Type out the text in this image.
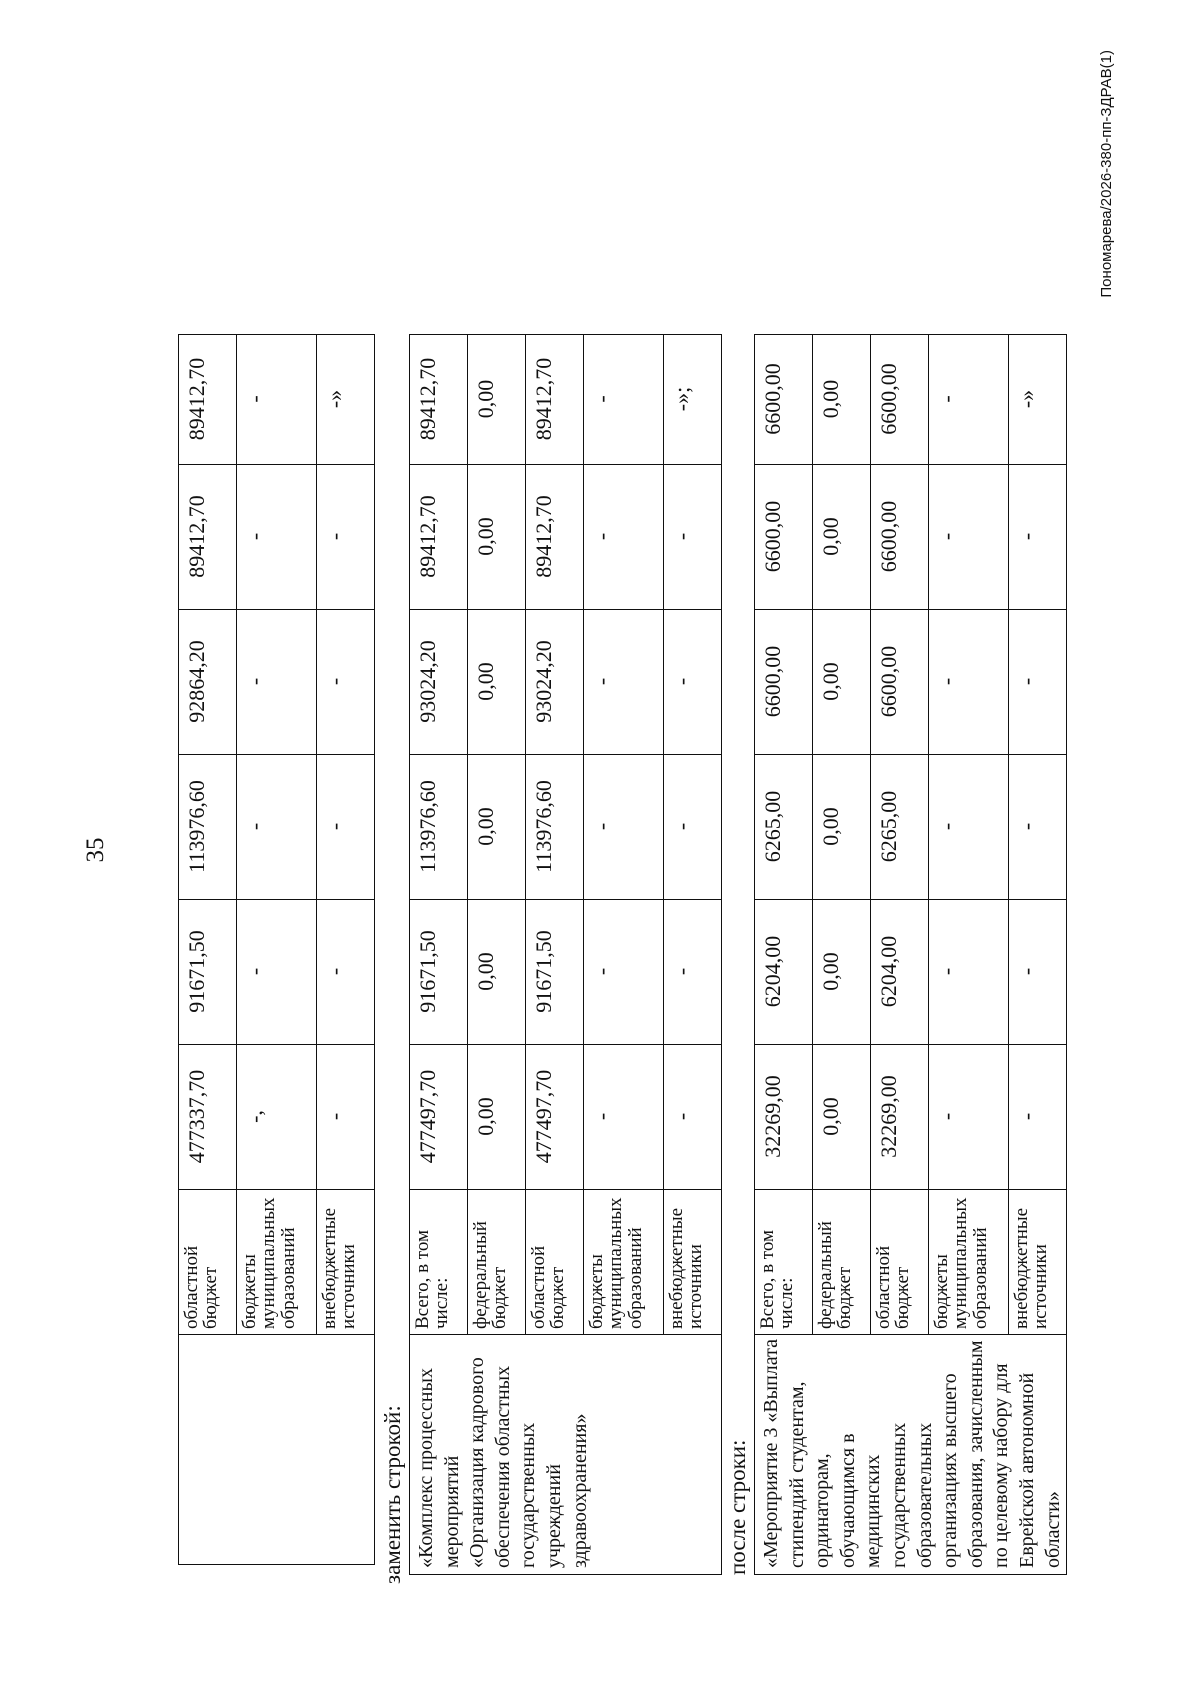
35
	областной бюджет	477337,70	91671,50	113976,60	92864,20	89412,70	89412,70
	бюджеты муниципальных образований	-,	-	-	-	-	-
	внебюджетные источники	-	-	-	-	-	-»
заменить строкой: «Комплекс процессных мероприятий «Организация кадрового обеспечения областных государственных учреждений здравоохранения»	Всего, в том числе:	477497,70	91671,50	113976,60	93024,20	89412,70	89412,70
	федеральный бюджет	0,00	0,00	0,00	0,00	0,00	0,00
	областной бюджет	477497,70	91671,50	113976,60	93024,20	89412,70	89412,70
	бюджеты муниципальных образований	-	-	-	-	-	-
	внебюджетные источники	-	-	-	-	-	-»;
после строки: «Мероприятие 3 «Выплата стипендий студентам, ординаторам, обучающимся в медицинских государственных образовательных организациях высшего образования, зачисленным по целевому набору для Еврейской автономной области»	Всего, в том числе:	32269,00	6204,00	6265,00	6600,00	6600,00	6600,00
	федеральный бюджет	0,00	0,00	0,00	0,00	0,00	0,00
	областной бюджет	32269,00	6204,00	6265,00	6600,00	6600,00	6600,00
	бюджеты муниципальных образований	-	-	-	-	-	-
	внебюджетные источники	-	-	-	-	-	-»
Пономарева/2026-380-пп-ЗДРАВ(1)
